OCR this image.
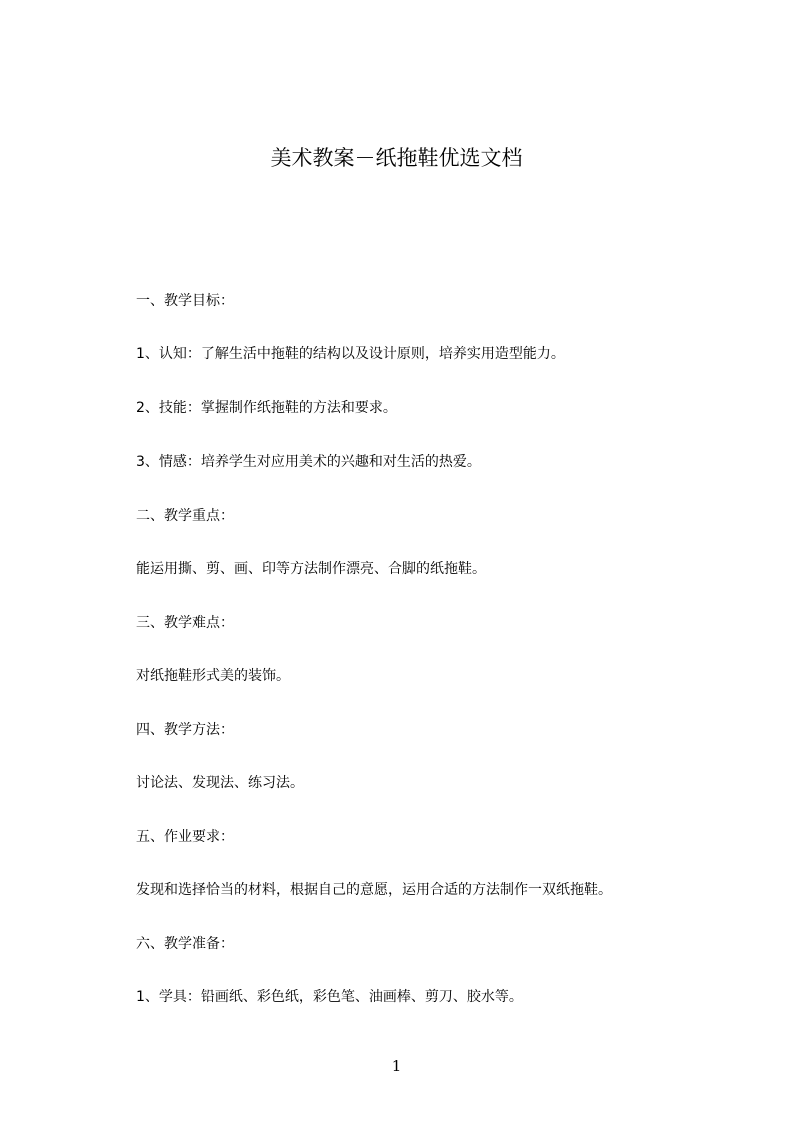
美术教案－纸拖鞋优选文档
一、教学目标：
1、认知：了解生活中拖鞋的结构以及设计原则，培养实用造型能力。
2、技能：掌握制作纸拖鞋的方法和要求。
3、情感：培养学生对应用美术的兴趣和对生活的热爱。
二、教学重点：
能运用撕、剪、画、印等方法制作漂亮、合脚的纸拖鞋。
三、教学难点：
对纸拖鞋形式美的装饰。
四、教学方法：
讨论法、发现法、练习法。
五、作业要求：
发现和选择恰当的材料，根据自己的意愿，运用合适的方法制作一双纸拖鞋。
六、教学准备：
1、学具：铅画纸、彩色纸，彩色笔、油画棒、剪刀、胶水等。
1
